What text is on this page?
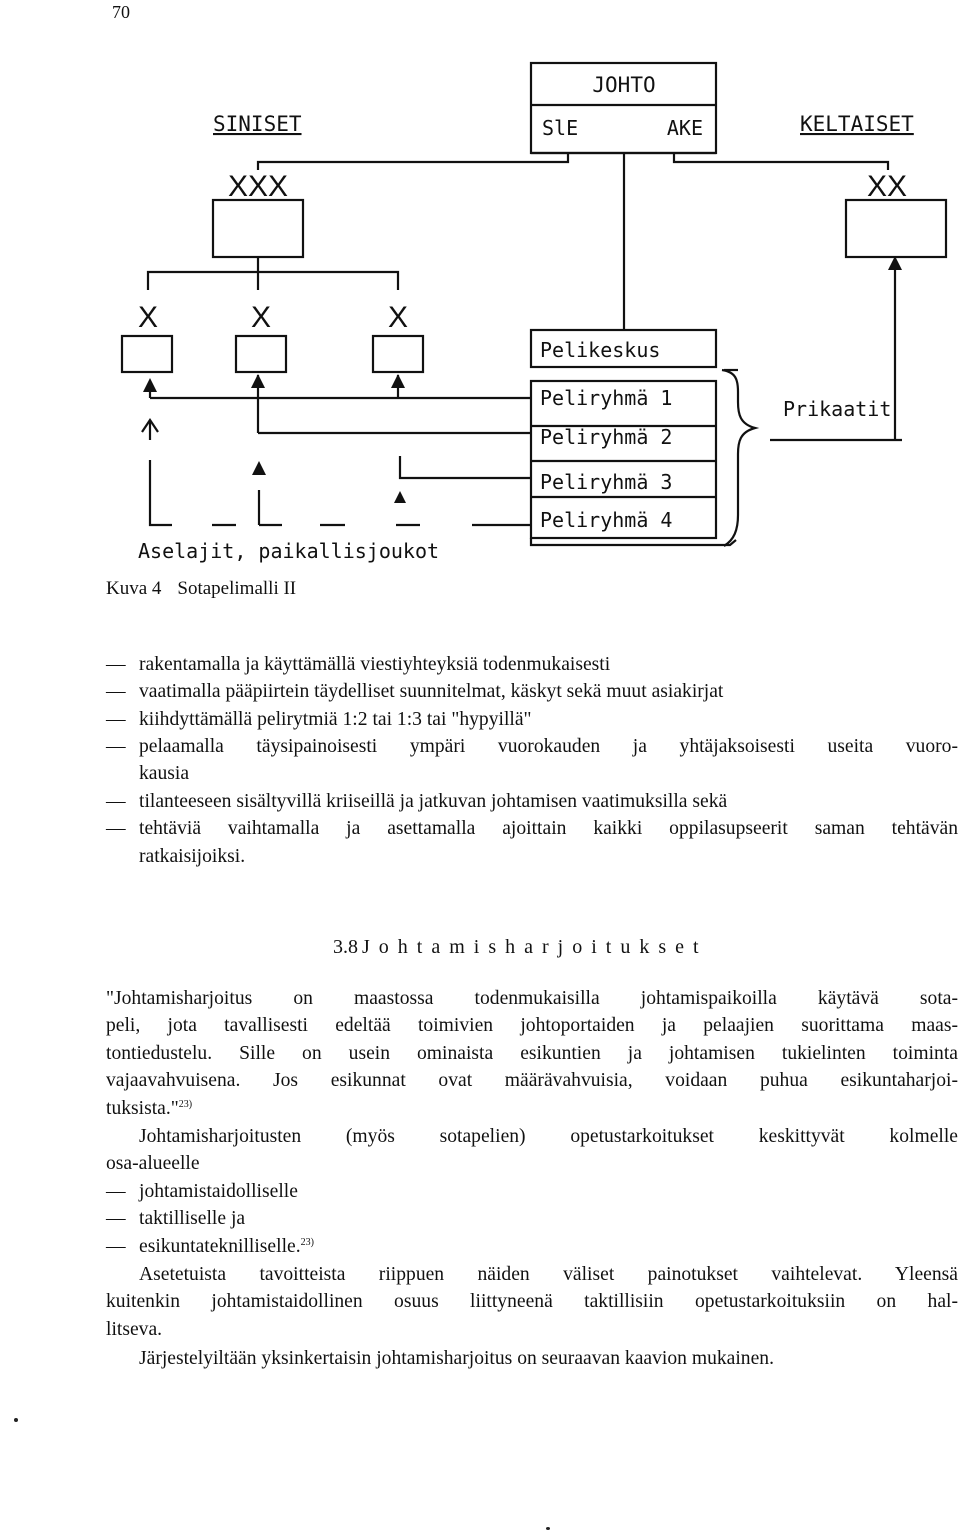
70
JOHTO
SlE	AKE
SINISET	KELTAISET
XXX	XX
X	X	X
Pelikeskus
Peliryhmä 1
Peliryhmä 2
Peliryhmä 3
Peliryhmä 4
Prikaatit
Aselajit, paikallisjoukot
Kuva 4 Sotapelimalli II
— rakentamalla ja käyttämällä viestiyhteyksiä todenmukaisesti
— vaatimalla pääpiirtein täydelliset suunnitelmat, käskyt sekä muut asiakirjat
— kiihdyttämällä pelirytmiä 1:2 tai 1:3 tai "hypyillä"
— pelaamalla täysipainoisesti ympäri vuorokauden ja yhtäjaksoisesti useita vuoro-
kausia
— tilanteeseen sisältyvillä kriiseillä ja jatkuvan johtamisen vaatimuksilla sekä
— tehtäviä vaihtamalla ja asettamalla ajoittain kaikki oppilasupseerit saman tehtävän
ratkaisijoiksi.
3.8 Johtamisharjoitukset
"Johtamisharjoitus on maastossa todenmukaisilla johtamispaikoilla käytävä sota-
peli, jota tavallisesti edeltää toimivien johtoportaiden ja pelaajien suorittama maas-
tontiedustelu. Sille on usein ominaista esikuntien ja johtamisen tukielinten toiminta
vajaavahvuisena. Jos esikunnat ovat määrävahvuisia, voidaan puhua esikuntaharjoi-
tuksista."$^{23)}$
Johtamisharjoitusten (myös sotapelien) opetustarkoitukset keskittyvät kolmelle
osa-alueelle
— johtamistaidolliselle
— taktilliselle ja
— esikuntateknilliselle.$^{23)}$
Asetetuista tavoitteista riippuen näiden väliset painotukset vaihtelevat. Yleensä
kuitenkin johtamistaidollinen osuus liittyneenä taktillisiin opetustarkoituksiin on hal-
litseva.
Järjestelyiltään yksinkertaisin johtamisharjoitus on seuraavan kaavion mukainen.
